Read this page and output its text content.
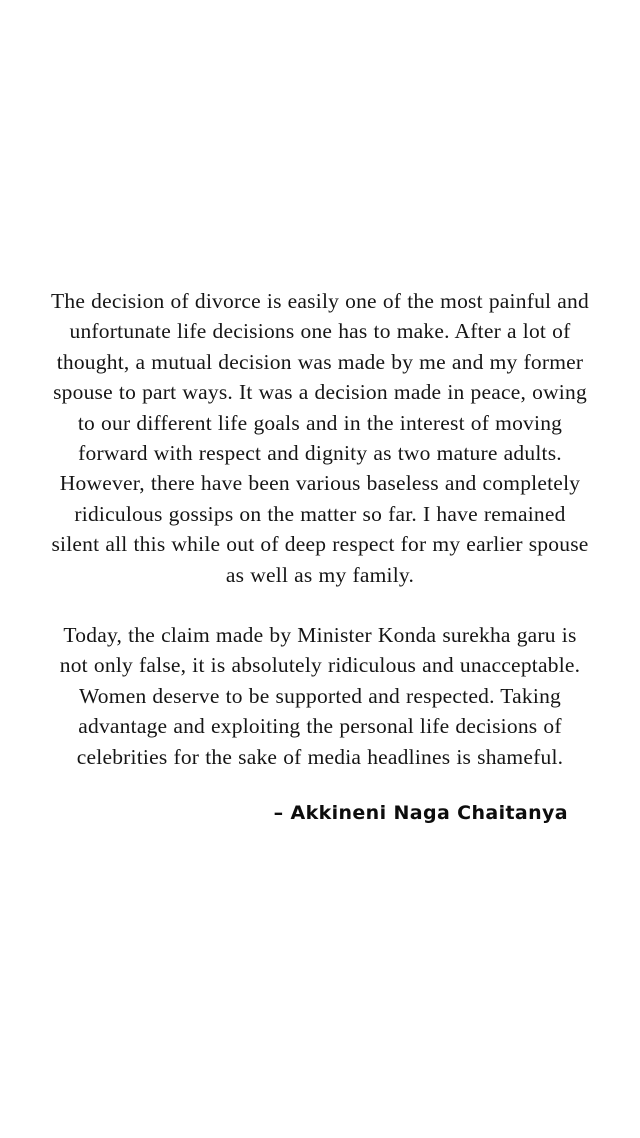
The decision of divorce is easily one of the most painful and unfortunate life decisions one has to make. After a lot of thought, a mutual decision was made by me and my former spouse to part ways. It was a decision made in peace, owing to our different life goals and in the interest of moving forward with respect and dignity as two mature adults. However, there have been various baseless and completely ridiculous gossips on the matter so far. I have remained silent all this while out of deep respect for my earlier spouse as well as my family.

Today, the claim made by Minister Konda surekha garu is not only false, it is absolutely ridiculous and unacceptable. Women deserve to be supported and respected. Taking advantage and exploiting the personal life decisions of celebrities for the sake of media headlines is shameful.

– Akkineni Naga Chaitanya
